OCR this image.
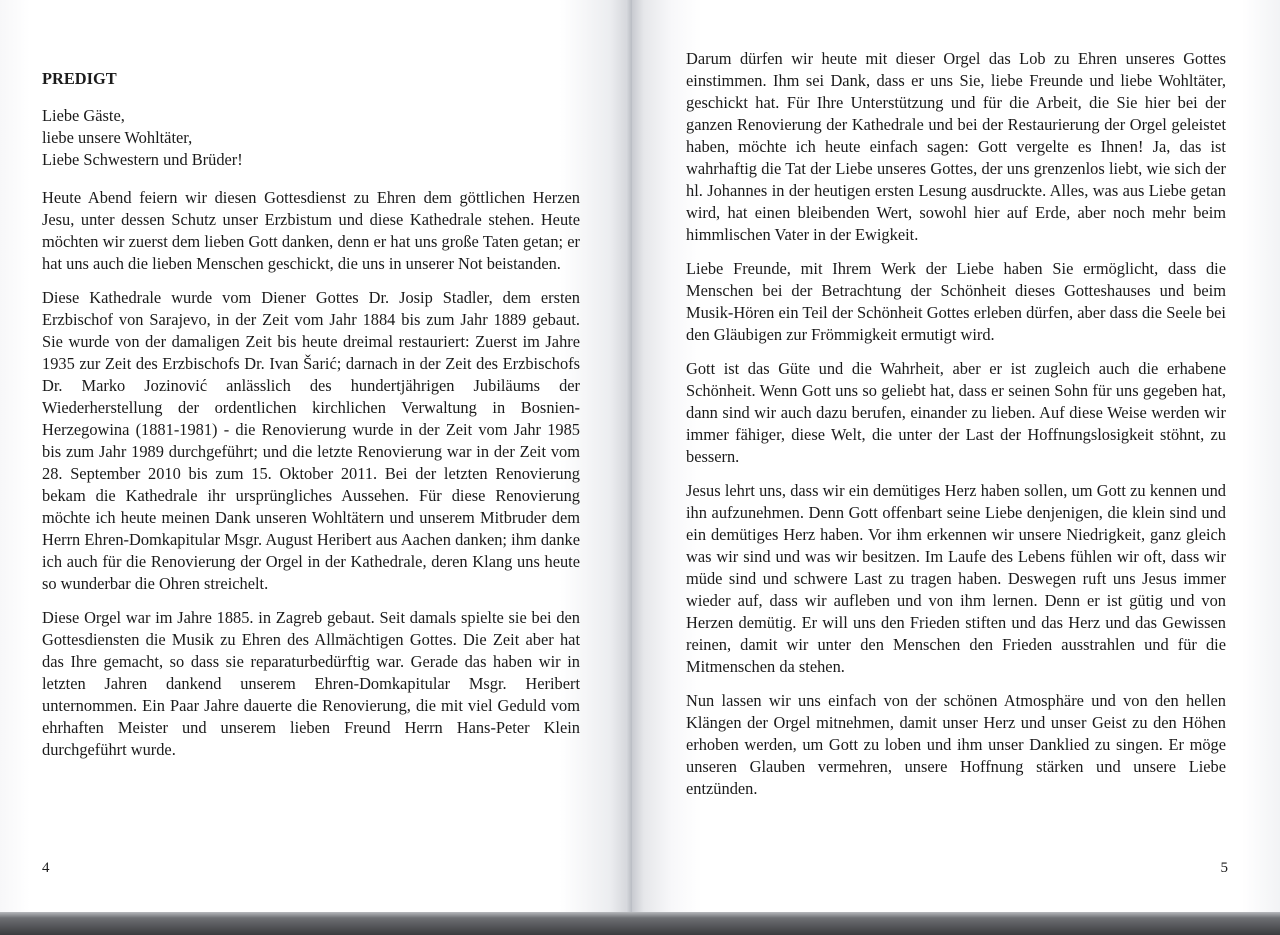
PREDIGT
Liebe Gäste,
liebe unsere Wohltäter,
Liebe Schwestern und Brüder!

Heute Abend feiern wir diesen Gottesdienst zu Ehren dem göttlichen Herzen Jesu, unter dessen Schutz unser Erzbistum und diese Kathedrale stehen. Heute möchten wir zuerst dem lieben Gott danken, denn er hat uns große Taten getan; er hat uns auch die lieben Menschen geschickt, die uns in unserer Not beistanden.

Diese Kathedrale wurde vom Diener Gottes Dr. Josip Stadler, dem ersten Erzbischof von Sarajevo, in der Zeit vom Jahr 1884 bis zum Jahr 1889 gebaut. Sie wurde von der damaligen Zeit bis heute dreimal restauriert: Zuerst im Jahre 1935 zur Zeit des Erzbischofs Dr. Ivan Šarić; darnach in der Zeit des Erzbischofs Dr. Marko Jozinović anlässlich des hundertjährigen Jubiläums der Wiederherstellung der ordentlichen kirchlichen Verwaltung in Bosnien-Herzegowina (1881-1981) - die Renovierung wurde in der Zeit vom Jahr 1985 bis zum Jahr 1989 durchgeführt; und die letzte Renovierung war in der Zeit vom 28. September 2010 bis zum 15. Oktober 2011. Bei der letzten Renovierung bekam die Kathedrale ihr ursprüngliches Aussehen. Für diese Renovierung möchte ich heute meinen Dank unseren Wohltätern und unserem Mitbruder dem Herrn Ehren-Domkapitular Msgr. August Heribert aus Aachen danken; ihm danke ich auch für die Renovierung der Orgel in der Kathedrale, deren Klang uns heute so wunderbar die Ohren streichelt.

Diese Orgel war im Jahre 1885. in Zagreb gebaut. Seit damals spielte sie bei den Gottesdiensten die Musik zu Ehren des Allmächtigen Gottes. Die Zeit aber hat das Ihre gemacht, so dass sie reparaturbedürftig war. Gerade das haben wir in letzten Jahren dankend unserem Ehren-Domkapitular Msgr. Heribert unternommen. Ein Paar Jahre dauerte die Renovierung, die mit viel Geduld vom ehrhaften Meister und unserem lieben Freund Herrn Hans-Peter Klein durchgeführt wurde.

4

Darum dürfen wir heute mit dieser Orgel das Lob zu Ehren unseres Gottes einstimmen. Ihm sei Dank, dass er uns Sie, liebe Freunde und liebe Wohltäter, geschickt hat. Für Ihre Unterstützung und für die Arbeit, die Sie hier bei der ganzen Renovierung der Kathedrale und bei der Restaurierung der Orgel geleistet haben, möchte ich heute einfach sagen: Gott vergelte es Ihnen! Ja, das ist wahrhaftig die Tat der Liebe unseres Gottes, der uns grenzenlos liebt, wie sich der hl. Johannes in der heutigen ersten Lesung ausdruckte. Alles, was aus Liebe getan wird, hat einen bleibenden Wert, sowohl hier auf Erde, aber noch mehr beim himmlischen Vater in der Ewigkeit.

Liebe Freunde, mit Ihrem Werk der Liebe haben Sie ermöglicht, dass die Menschen bei der Betrachtung der Schönheit dieses Gotteshauses und beim Musik-Hören ein Teil der Schönheit Gottes erleben dürfen, aber dass die Seele bei den Gläubigen zur Frömmigkeit ermutigt wird.

Gott ist das Güte und die Wahrheit, aber er ist zugleich auch die erhabene Schönheit. Wenn Gott uns so geliebt hat, dass er seinen Sohn für uns gegeben hat, dann sind wir auch dazu berufen, einander zu lieben. Auf diese Weise werden wir immer fähiger, diese Welt, die unter der Last der Hoffnungslosigkeit stöhnt, zu bessern.

Jesus lehrt uns, dass wir ein demütiges Herz haben sollen, um Gott zu kennen und ihn aufzunehmen. Denn Gott offenbart seine Liebe denjenigen, die klein sind und ein demütiges Herz haben. Vor ihm erkennen wir unsere Niedrigkeit, ganz gleich was wir sind und was wir besitzen. Im Laufe des Lebens fühlen wir oft, dass wir müde sind und schwere Last zu tragen haben. Deswegen ruft uns Jesus immer wieder auf, dass wir aufleben und von ihm lernen. Denn er ist gütig und von Herzen demütig. Er will uns den Frieden stiften und das Herz und das Gewissen reinen, damit wir unter den Menschen den Frieden ausstrahlen und für die Mitmenschen da stehen.

Nun lassen wir uns einfach von der schönen Atmosphäre und von den hellen Klängen der Orgel mitnehmen, damit unser Herz und unser Geist zu den Höhen erhoben werden, um Gott zu loben und ihm unser Danklied zu singen. Er möge unseren Glauben vermehren, unsere Hoffnung stärken und unsere Liebe entzünden.

5
